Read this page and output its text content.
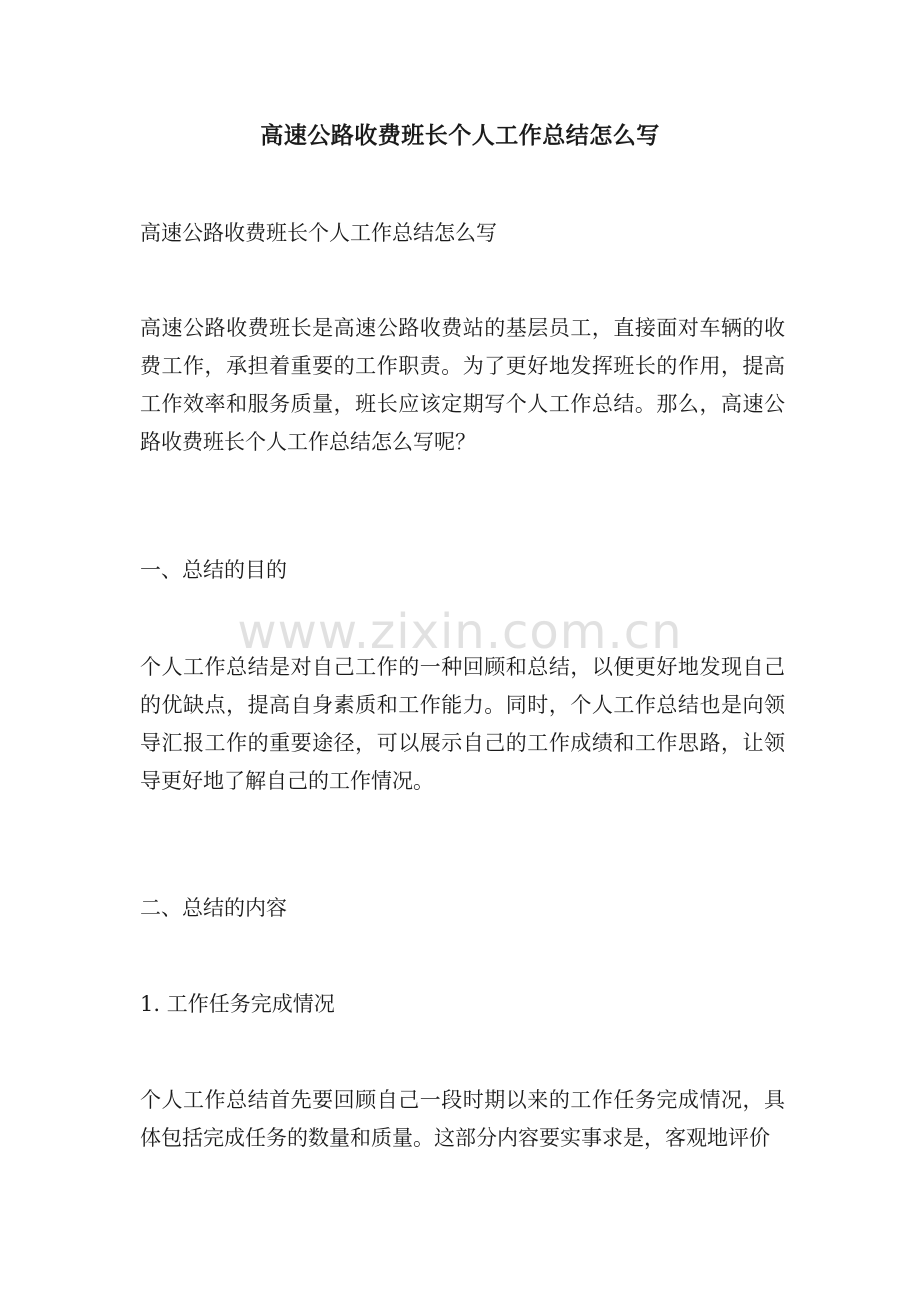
高速公路收费班长个人工作总结怎么写

高速公路收费班长个人工作总结怎么写

高速公路收费班长是高速公路收费站的基层员工，直接面对车辆的收费工作，承担着重要的工作职责。为了更好地发挥班长的作用，提高工作效率和服务质量，班长应该定期写个人工作总结。那么，高速公路收费班长个人工作总结怎么写呢？

一、总结的目的

www.zixin.com.cn

个人工作总结是对自己工作的一种回顾和总结，以便更好地发现自己的优缺点，提高自身素质和工作能力。同时，个人工作总结也是向领导汇报工作的重要途径，可以展示自己的工作成绩和工作思路，让领导更好地了解自己的工作情况。

二、总结的内容

1. 工作任务完成情况

个人工作总结首先要回顾自己一段时期以来的工作任务完成情况，具体包括完成任务的数量和质量。这部分内容要实事求是，客观地评价
